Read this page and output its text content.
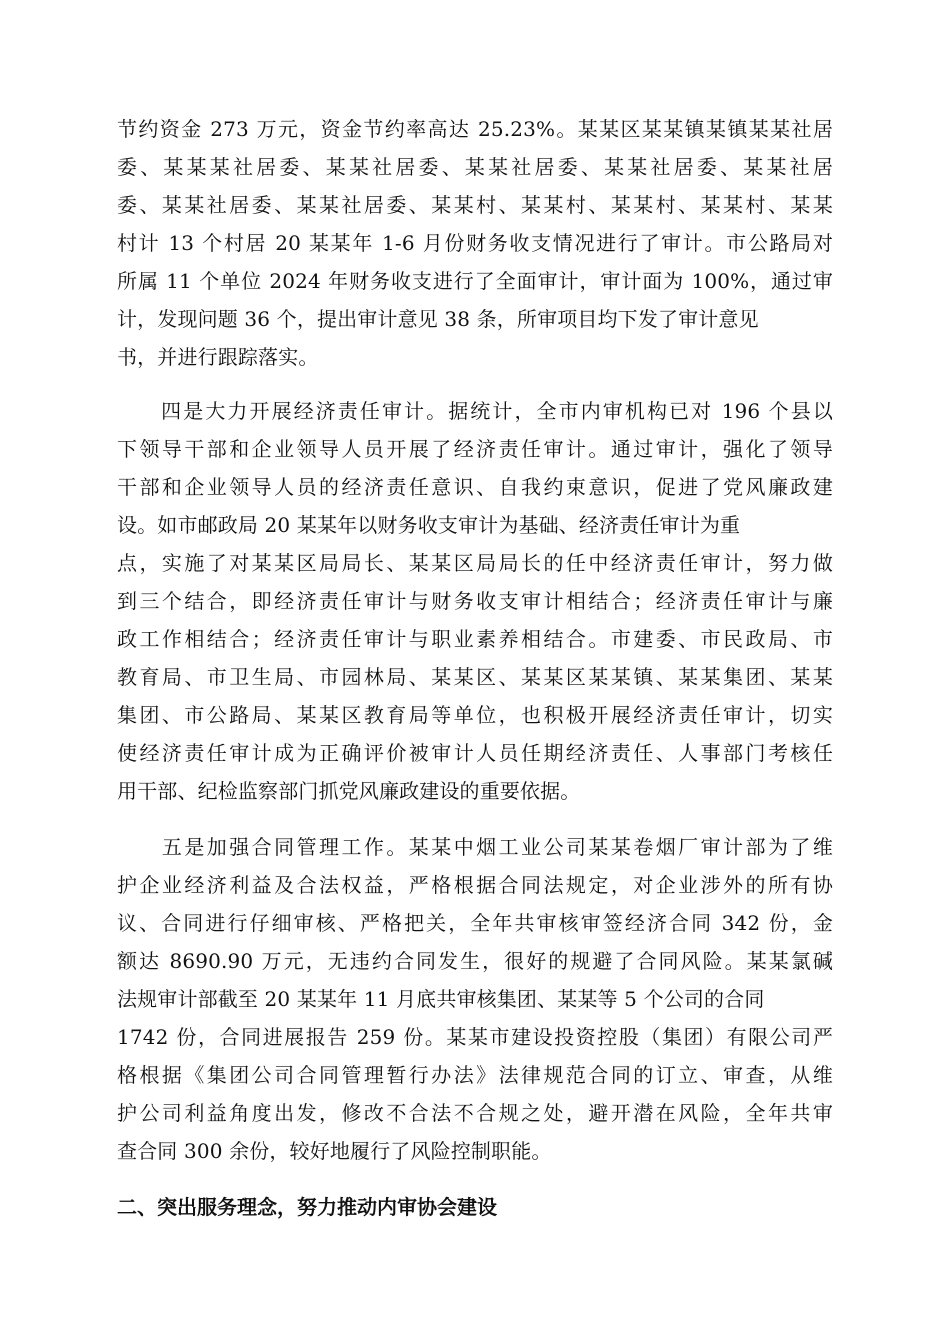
节约资金 273 万元，资金节约率高达 25.23%。某某区某某镇某镇某某社居
委、某某某社居委、某某社居委、某某社居委、某某社居委、某某社居
委、某某社居委、某某社居委、某某村、某某村、某某村、某某村、某某
村计 13 个村居 20 某某年 1-6 月份财务收支情况进行了审计。市公路局对
所属 11 个单位 2024 年财务收支进行了全面审计，审计面为 100%，通过审
计，发现问题 36 个，提出审计意见 38 条，所审项目均下发了审计意见
书，并进行跟踪落实。
　　四是大力开展经济责任审计。据统计，全市内审机构已对 196 个县以
下领导干部和企业领导人员开展了经济责任审计。通过审计，强化了领导
干部和企业领导人员的经济责任意识、自我约束意识，促进了党风廉政建
设。如市邮政局 20 某某年以财务收支审计为基础、经济责任审计为重
点，实施了对某某区局局长、某某区局局长的任中经济责任审计，努力做
到三个结合，即经济责任审计与财务收支审计相结合；经济责任审计与廉
政工作相结合；经济责任审计与职业素养相结合。市建委、市民政局、市
教育局、市卫生局、市园林局、某某区、某某区某某镇、某某集团、某某
集团、市公路局、某某区教育局等单位，也积极开展经济责任审计，切实
使经济责任审计成为正确评价被审计人员任期经济责任、人事部门考核任
用干部、纪检监察部门抓党风廉政建设的重要依据。
　　五是加强合同管理工作。某某中烟工业公司某某卷烟厂审计部为了维
护企业经济利益及合法权益，严格根据合同法规定，对企业涉外的所有协
议、合同进行仔细审核、严格把关，全年共审核审签经济合同 342 份，金
额达 8690.90 万元，无违约合同发生，很好的规避了合同风险。某某氯碱
法规审计部截至 20 某某年 11 月底共审核集团、某某等 5 个公司的合同
1742 份，合同进展报告 259 份。某某市建设投资控股（集团）有限公司严
格根据《集团公司合同管理暂行办法》法律规范合同的订立、审查，从维
护公司利益角度出发，修改不合法不合规之处，避开潜在风险，全年共审
查合同 300 余份，较好地履行了风险控制职能。
二、突出服务理念，努力推动内审协会建设
